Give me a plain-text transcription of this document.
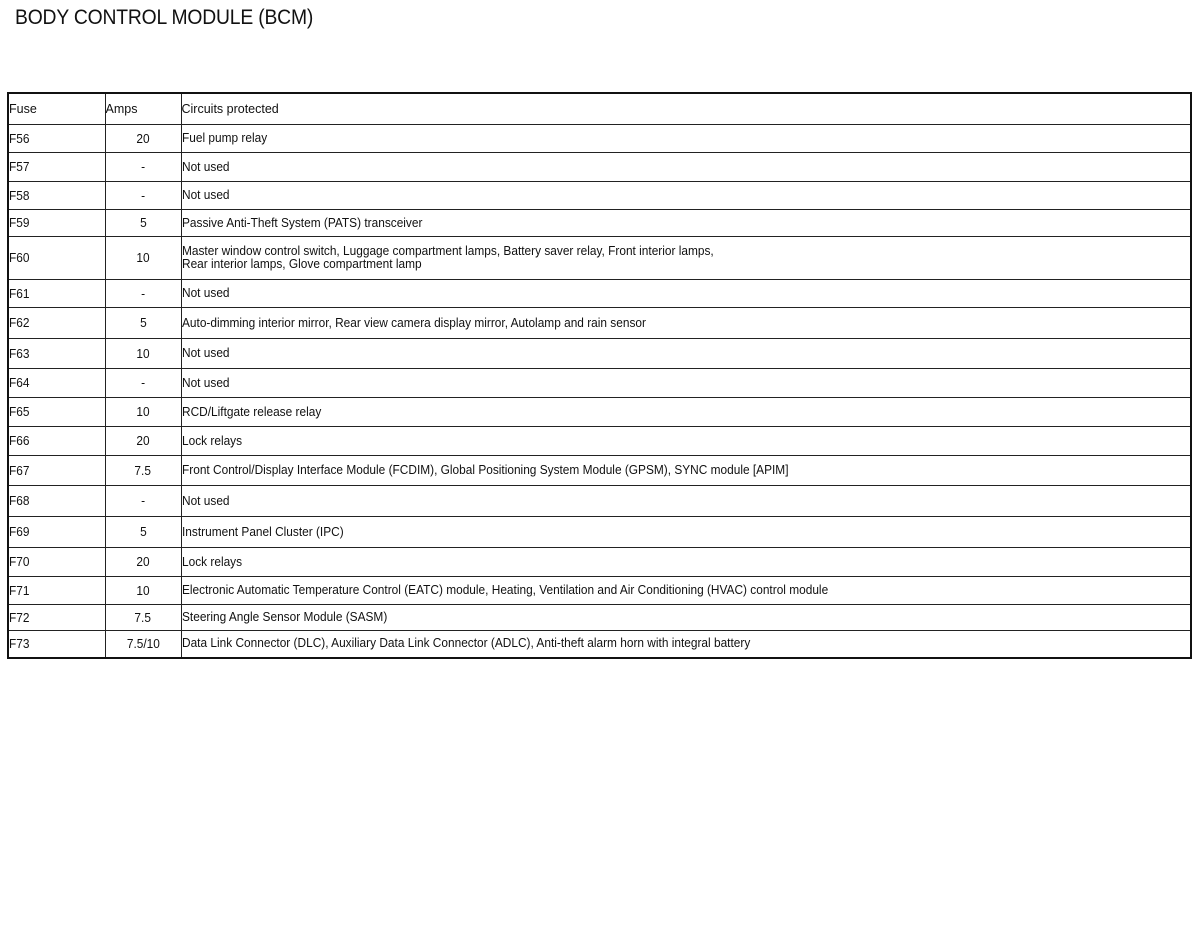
BODY CONTROL MODULE (BCM)
Fuse	Amps	Circuits protected
F56	20	Fuel pump relay
F57	-	Not used
F58	-	Not used
F59	5	Passive Anti-Theft System (PATS) transceiver
F60	10	Master window control switch, Luggage compartment lamps, Battery saver relay, Front interior lamps,
Rear interior lamps, Glove compartment lamp
F61	-	Not used
F62	5	Auto-dimming interior mirror, Rear view camera display mirror, Autolamp and rain sensor
F63	10	Not used
F64	-	Not used
F65	10	RCD/Liftgate release relay
F66	20	Lock relays
F67	7.5	Front Control/Display Interface Module (FCDIM), Global Positioning System Module (GPSM), SYNC module [APIM]
F68	-	Not used
F69	5	Instrument Panel Cluster (IPC)
F70	20	Lock relays
F71	10	Electronic Automatic Temperature Control (EATC) module, Heating, Ventilation and Air Conditioning (HVAC) control module
F72	7.5	Steering Angle Sensor Module (SASM)
F73	7.5/10	Data Link Connector (DLC), Auxiliary Data Link Connector (ADLC), Anti-theft alarm horn with integral battery
